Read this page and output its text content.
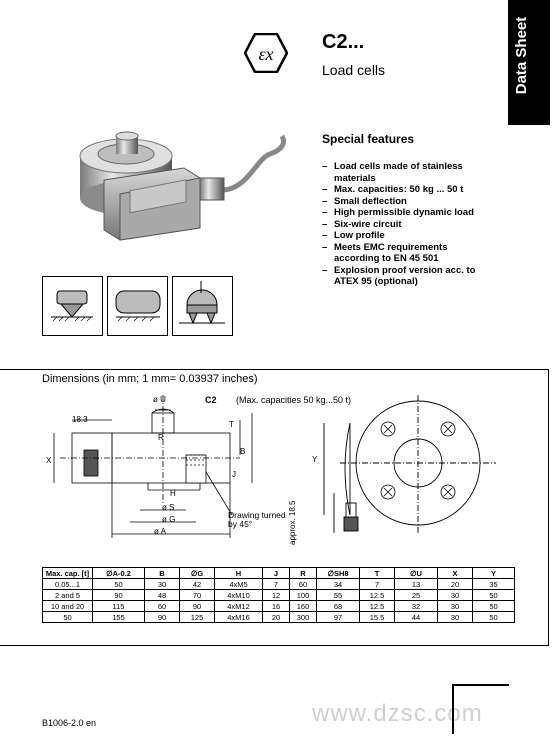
Data Sheet
εx
C2...
Load cells
Special features
– Load cells made of stainless materials
– Max. capacities: 50 kg ... 50 t
– Small deflection
– High permissible dynamic load
– Six-wire circuit
– Low profile
– Meets EMC requirements according to EN 45 501
– Explosion proof version acc. to ATEX 95 (optional)
Dimensions (in mm; 1 mm= 0.03937 inches)
C2 (Max. capacities 50 kg...50 t)
18.3
ø U
T
B
R
X
J
H
ø S
ø G
ø A
Drawing turned
by 45°
Y
approx. 18.5
Max. cap. [t]	∅A-0.2	B	∅G	H	J	R	∅SH8	T	∅U	X	Y
0.05...1	50	30	42	4xM5	7	60	34	7	13	20	35
2 and 5	90	48	70	4xM10	12	100	55	12.5	25	30	50
10 and 20	115	60	90	4xM12	16	160	68	12.5	32	30	50
50	155	90	125	4xM16	20	300	97	15.5	44	30	50
www.dzsc.com
B1006-2.0 en
